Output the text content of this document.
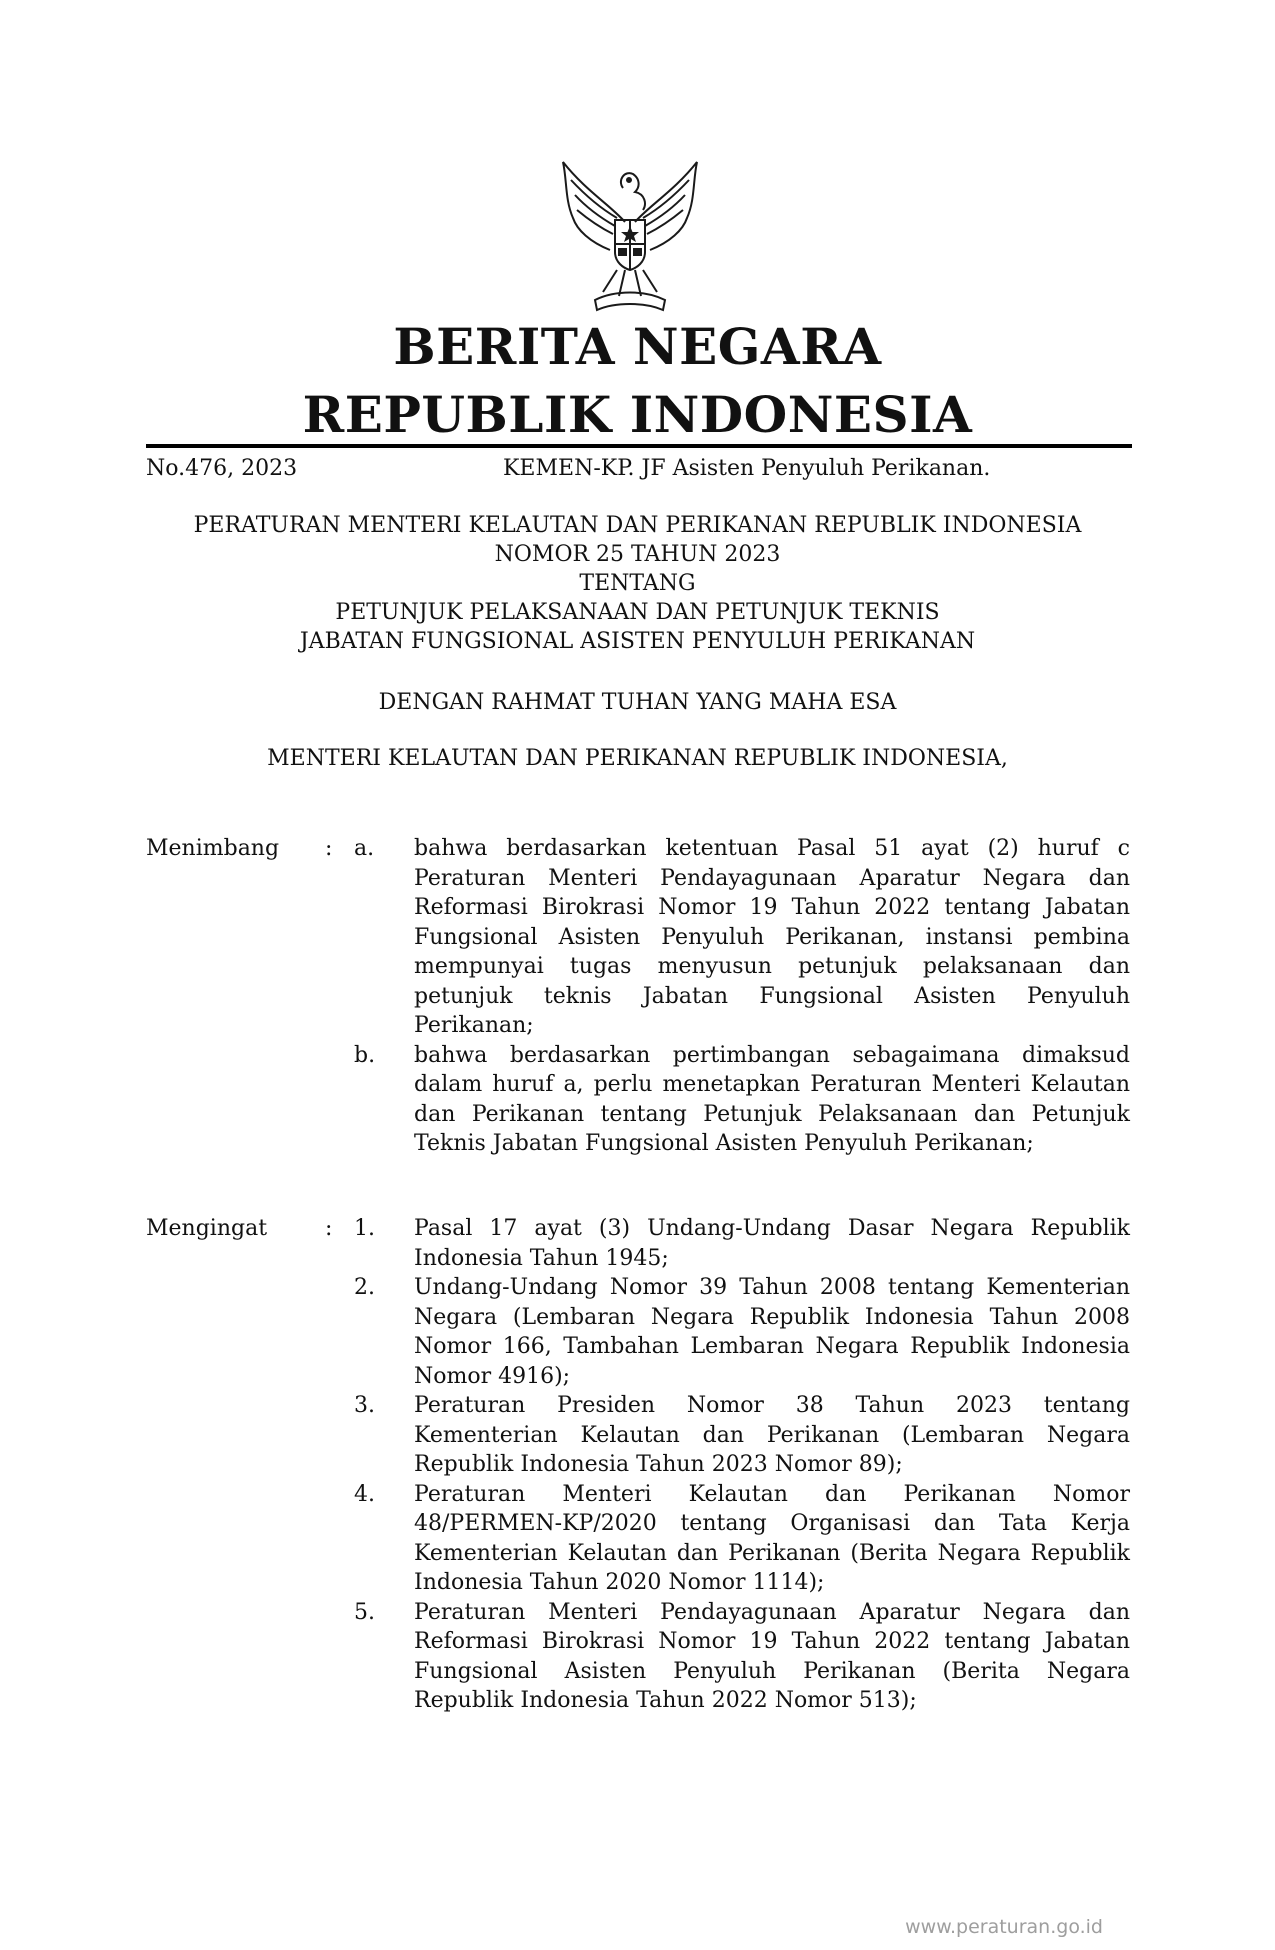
BERITA NEGARA
REPUBLIK INDONESIA
No.476, 2023	KEMEN-KP. JF Asisten Penyuluh Perikanan.
PERATURAN MENTERI KELAUTAN DAN PERIKANAN REPUBLIK INDONESIA
NOMOR 25 TAHUN 2023
TENTANG
PETUNJUK PELAKSANAAN DAN PETUNJUK TEKNIS
JABATAN FUNGSIONAL ASISTEN PENYULUH PERIKANAN
DENGAN RAHMAT TUHAN YANG MAHA ESA
MENTERI KELAUTAN DAN PERIKANAN REPUBLIK INDONESIA,
Menimbang : a. bahwa berdasarkan ketentuan Pasal 51 ayat (2) huruf c Peraturan Menteri Pendayagunaan Aparatur Negara dan Reformasi Birokrasi Nomor 19 Tahun 2022 tentang Jabatan Fungsional Asisten Penyuluh Perikanan, instansi pembina mempunyai tugas menyusun petunjuk pelaksanaan dan petunjuk teknis Jabatan Fungsional Asisten Penyuluh Perikanan;
b. bahwa berdasarkan pertimbangan sebagaimana dimaksud dalam huruf a, perlu menetapkan Peraturan Menteri Kelautan dan Perikanan tentang Petunjuk Pelaksanaan dan Petunjuk Teknis Jabatan Fungsional Asisten Penyuluh Perikanan;
Mengingat	: 1. Pasal 17 ayat (3) Undang-Undang Dasar Negara Republik Indonesia Tahun 1945;
2. Undang-Undang Nomor 39 Tahun 2008 tentang Kementerian Negara (Lembaran Negara Republik Indonesia Tahun 2008 Nomor 166, Tambahan Lembaran Negara Republik Indonesia Nomor 4916);
3. Peraturan Presiden Nomor 38 Tahun 2023 tentang Kementerian Kelautan dan Perikanan (Lembaran Negara Republik Indonesia Tahun 2023 Nomor 89);
4. Peraturan Menteri Kelautan dan Perikanan Nomor 48/PERMEN-KP/2020 tentang Organisasi dan Tata Kerja Kementerian Kelautan dan Perikanan (Berita Negara Republik Indonesia Tahun 2020 Nomor 1114);
5. Peraturan Menteri Pendayagunaan Aparatur Negara dan Reformasi Birokrasi Nomor 19 Tahun 2022 tentang Jabatan Fungsional Asisten Penyuluh Perikanan (Berita Negara Republik Indonesia Tahun 2022 Nomor 513);
www.peraturan.go.id
